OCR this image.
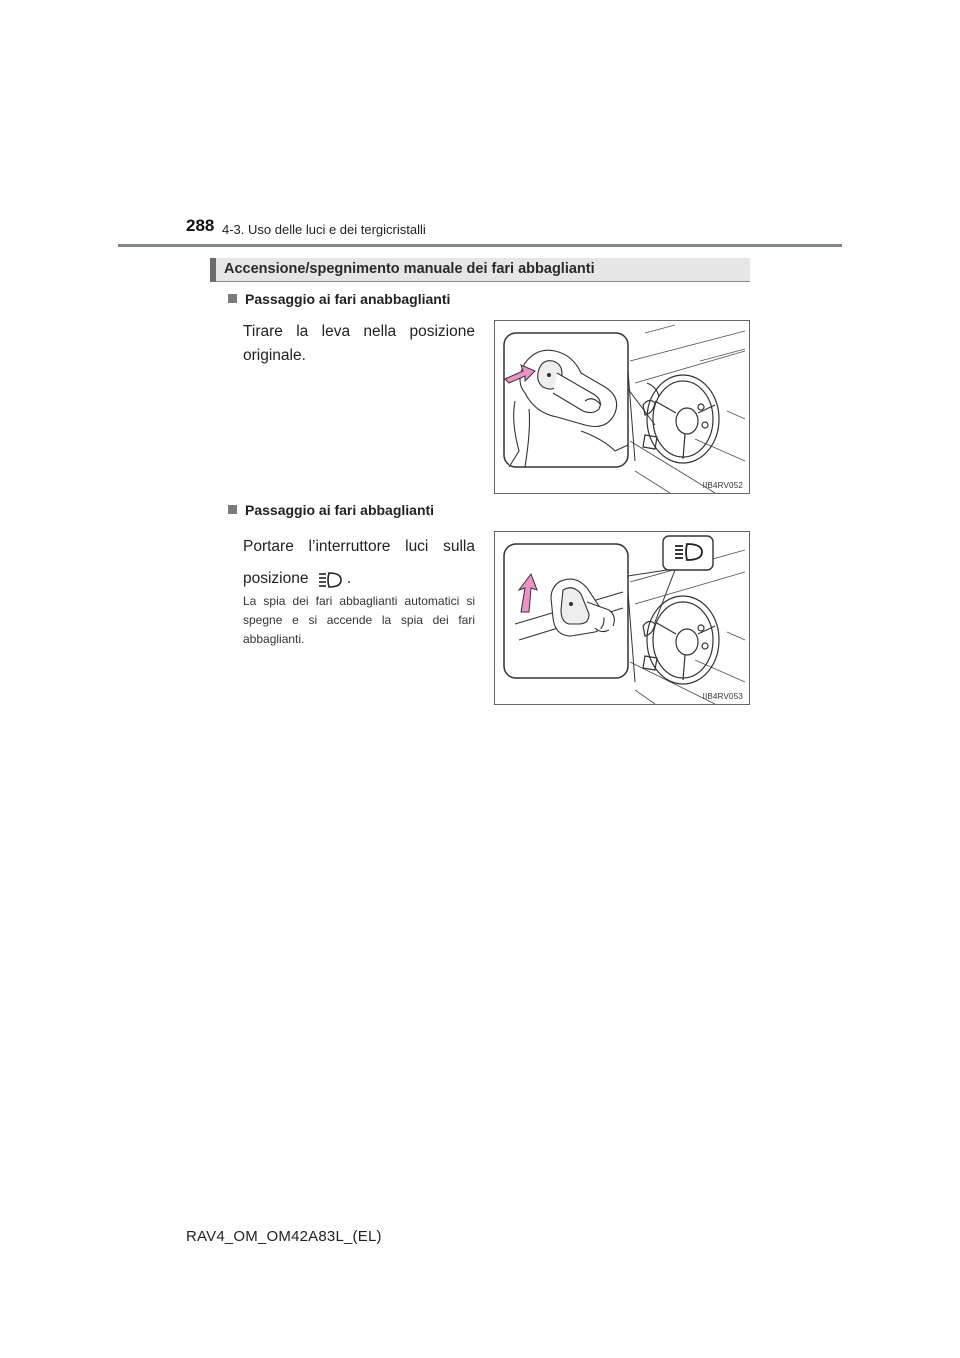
288 4-3. Uso delle luci e dei tergicristalli
Accensione/spegnimento manuale dei fari abbaglianti
Passaggio ai fari anabbaglianti
Tirare la leva nella posizione originale.
IIB4RV052
Passaggio ai fari abbaglianti
Portare l’interruttore luci sulla posizione .
La spia dei fari abbaglianti automatici si spegne e si accende la spia dei fari abbaglianti.
IIB4RV053
RAV4_OM_OM42A83L_(EL)
